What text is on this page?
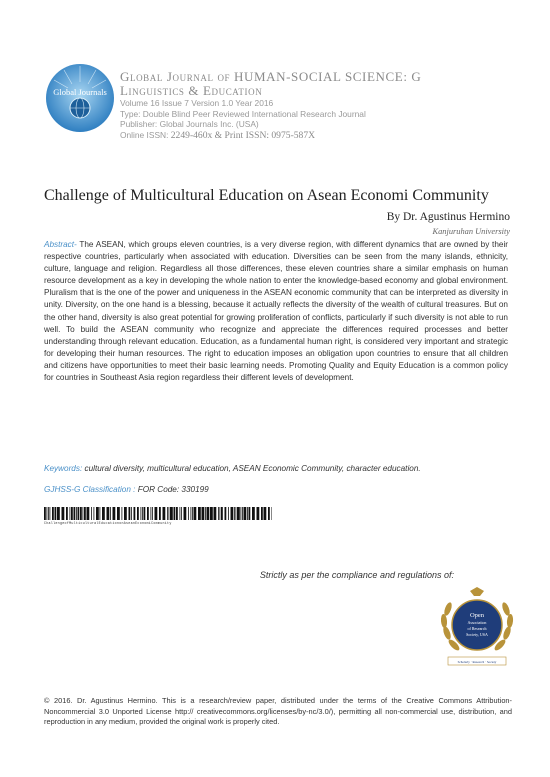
Global Journals
Global Journal of HUMAN-SOCIAL SCIENCE: G
Linguistics & Education
Volume 16 Issue 7 Version 1.0 Year 2016
Type: Double Blind Peer Reviewed International Research Journal
Publisher: Global Journals Inc. (USA)
Online ISSN: 2249-460x & Print ISSN: 0975-587X
Challenge of Multicultural Education on Asean Economi Community
By Dr. Agustinus Hermino
Kanjuruhan University
Abstract- The ASEAN, which groups eleven countries, is a very diverse region, with different dynamics that are owned by their respective countries, particularly when associated with education. Diversities can be seen from the many islands, ethnicity, culture, language and religion. Regardless all those differences, these eleven countries share a similar emphasis on human resource development as a key in developing the whole nation to enter the knowledge-based economy and global environment. Pluralism that is the one of the power and uniqueness in the ASEAN economic community that can be interpreted as diversity in unity. Diversity, on the one hand is a blessing, because it actually reflects the diversity of the wealth of cultural treasures. But on the other hand, diversity is also great potential for growing proliferation of conflicts, particularly if such diversity is not able to run well. To build the ASEAN community who recognize and appreciate the differences required processes and better understanding through relevant education. Education, as a fundamental human right, is considered very important and strategic for developing their human resources. The right to education imposes an obligation upon countries to ensure that all children and citizens have opportunities to meet their basic learning needs. Promoting Quality and Equity Education is a common policy for countries in Southeast Asia region regardless their different levels of development.
Keywords: cultural diversity, multicultural education, ASEAN Economic Community, character education.
GJHSS-G Classification : FOR Code: 330199
ChallengeofMulticulturalEducationonAseanEconomiCommunity
Strictly as per the compliance and regulations of:
Open
Association
of Research
Society, USA
Scholarly · Research · Society
© 2016. Dr. Agustinus Hermino. This is a research/review paper, distributed under the terms of the Creative Commons Attribution-Noncommercial 3.0 Unported License http:// creativecommons.org/licenses/by-nc/3.0/), permitting all non-commercial use, distribution, and reproduction in any medium, provided the original work is properly cited.
